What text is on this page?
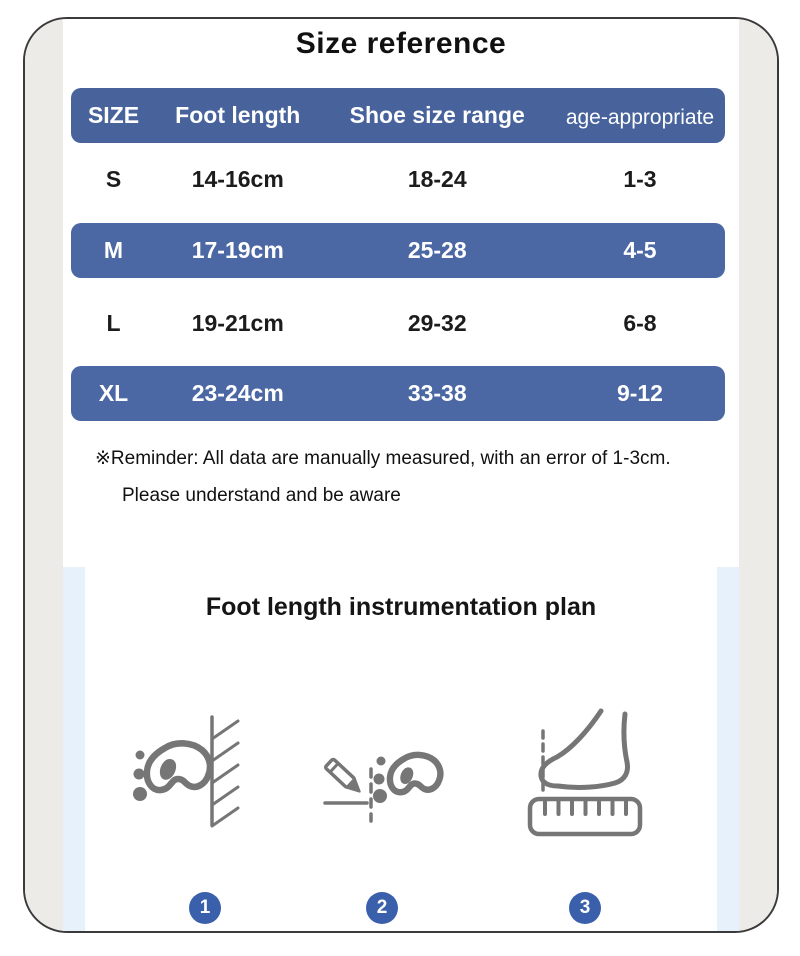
Size reference
SIZE	Foot length	Shoe size range	age-appropriate
S	14-16cm	18-24	1-3
M	17-19cm	25-28	4-5
L	19-21cm	29-32	6-8
XL	23-24cm	33-38	9-12
※Reminder: All data are manually measured, with an error of 1-3cm.
Please understand and be aware
Foot length instrumentation plan
1	2	3
